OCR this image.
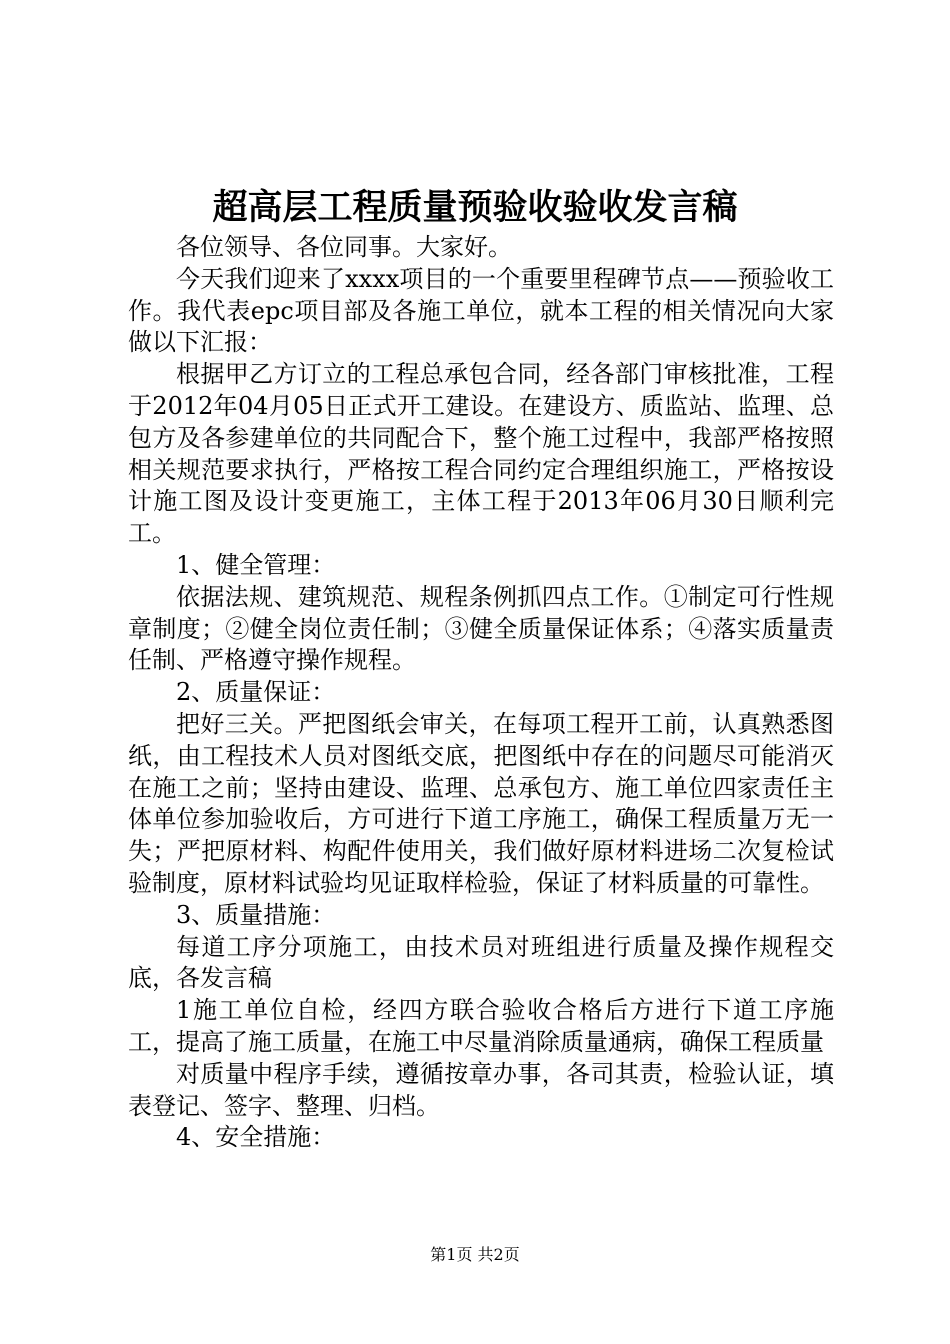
超高层工程质量预验收验收发言稿

各位领导、各位同事。大家好。

今天我们迎来了xxxx项目的一个重要里程碑节点——预验收工作。我代表epc项目部及各施工单位，就本工程的相关情况向大家做以下汇报：

根据甲乙方订立的工程总承包合同，经各部门审核批准，工程于2012年04月05日正式开工建设。在建设方、质监站、监理、总包方及各参建单位的共同配合下，整个施工过程中，我部严格按照相关规范要求执行，严格按工程合同约定合理组织施工，严格按设计施工图及设计变更施工，主体工程于2013年06月30日顺利完工。

1、健全管理：

依据法规、建筑规范、规程条例抓四点工作。①制定可行性规章制度；②健全岗位责任制；③健全质量保证体系；④落实质量责任制、严格遵守操作规程。

2、质量保证：

把好三关。严把图纸会审关，在每项工程开工前，认真熟悉图纸，由工程技术人员对图纸交底，把图纸中存在的问题尽可能消灭在施工之前；坚持由建设、监理、总承包方、施工单位四家责任主体单位参加验收后，方可进行下道工序施工，确保工程质量万无一失；严把原材料、构配件使用关，我们做好原材料进场二次复检试验制度，原材料试验均见证取样检验，保证了材料质量的可靠性。

3、质量措施：

每道工序分项施工，由技术员对班组进行质量及操作规程交底，各发言稿

1施工单位自检，经四方联合验收合格后方进行下道工序施工，提高了施工质量，在施工中尽量消除质量通病，确保工程质量

对质量中程序手续，遵循按章办事，各司其责，检验认证，填表登记、签字、整理、归档。

4、安全措施：

第1页 共2页
